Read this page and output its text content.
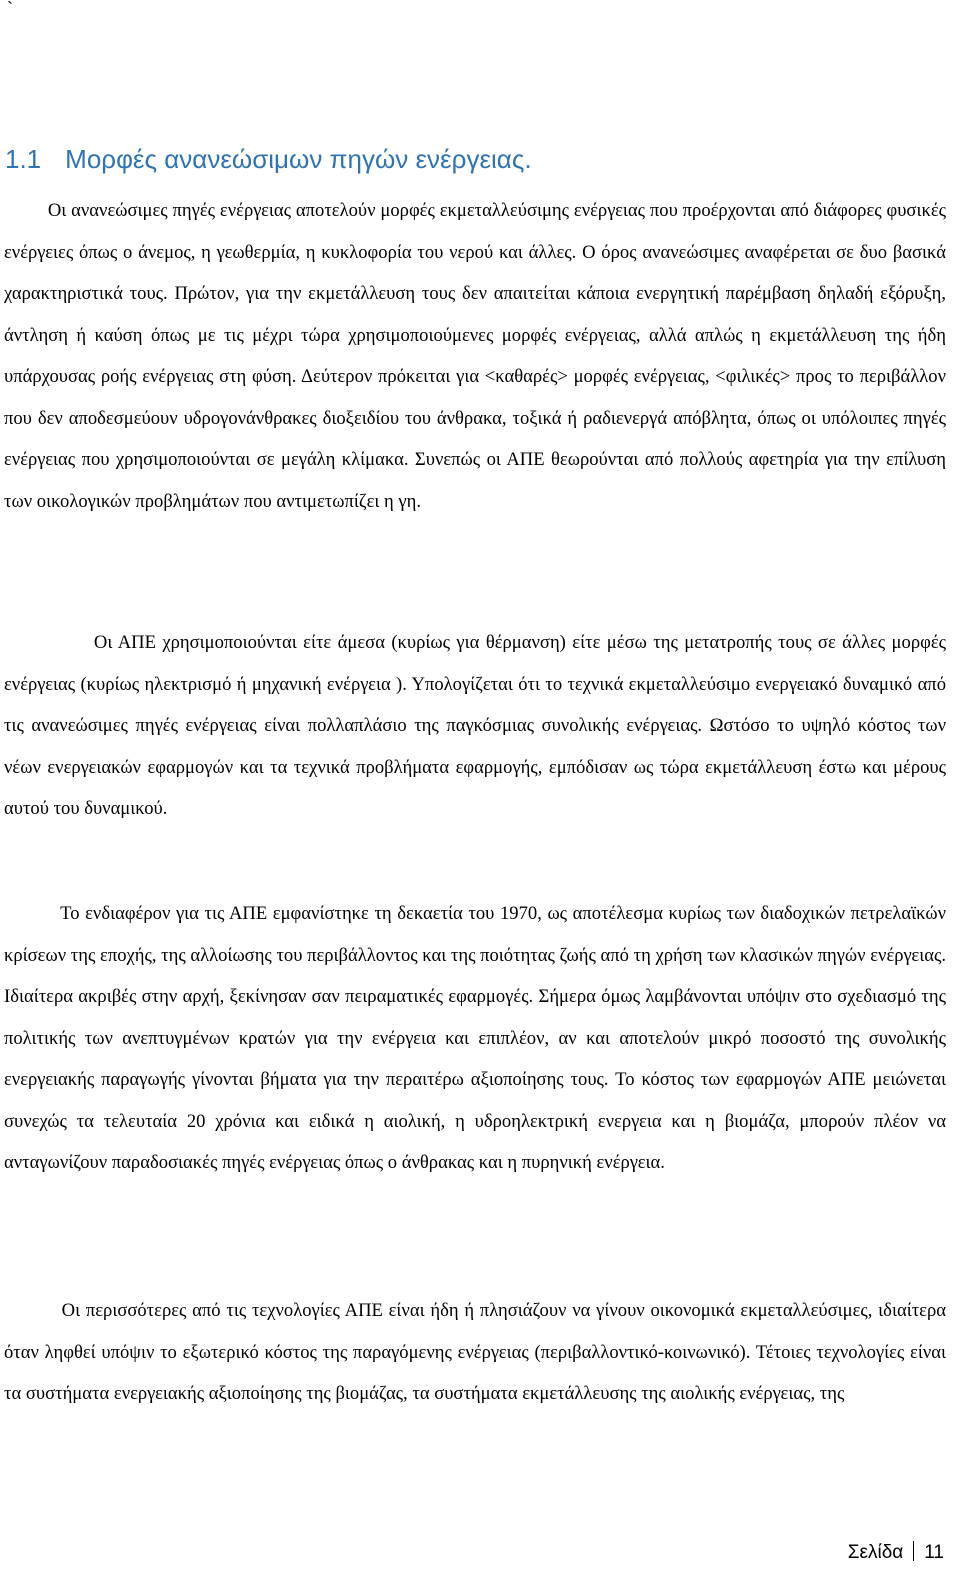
`
1.1 Μορφές ανανεώσιμων πηγών ενέργειας.

Οι ανανεώσιμες πηγές ενέργειας αποτελούν μορφές εκμεταλλεύσιμης ενέργειας που προέρχονται από διάφορες φυσικές ενέργειες όπως ο άνεμος, η γεωθερμία, η κυκλοφορία του νερού και άλλες. Ο όρος ανανεώσιμες αναφέρεται σε δυο βασικά χαρακτηριστικά τους. Πρώτον, για την εκμετάλλευση τους δεν απαιτείται κάποια ενεργητική παρέμβαση δηλαδή εξόρυξη, άντληση ή καύση όπως με τις μέχρι τώρα χρησιμοποιούμενες μορφές ενέργειας, αλλά απλώς η εκμετάλλευση της ήδη υπάρχουσας ροής ενέργειας στη φύση. Δεύτερον πρόκειται για <καθαρές> μορφές ενέργειας, <φιλικές> προς το περιβάλλον που δεν αποδεσμεύουν υδρογονάνθρακες διοξειδίου του άνθρακα, τοξικά ή ραδιενεργά απόβλητα, όπως οι υπόλοιπες πηγές ενέργειας που χρησιμοποιούνται σε μεγάλη κλίμακα. Συνεπώς οι ΑΠΕ θεωρούνται από πολλούς αφετηρία για την επίλυση των οικολογικών προβλημάτων που αντιμετωπίζει η γη.

Οι ΑΠΕ χρησιμοποιούνται είτε άμεσα (κυρίως για θέρμανση) είτε μέσω της μετατροπής τους σε άλλες μορφές ενέργειας (κυρίως ηλεκτρισμό ή μηχανική ενέργεια ). Υπολογίζεται ότι το τεχνικά εκμεταλλεύσιμο ενεργειακό δυναμικό από τις ανανεώσιμες πηγές ενέργειας είναι πολλαπλάσιο της παγκόσμιας συνολικής ενέργειας. Ωστόσο το υψηλό κόστος των νέων ενεργειακών εφαρμογών και τα τεχνικά προβλήματα εφαρμογής, εμπόδισαν ως τώρα εκμετάλλευση έστω και μέρους αυτού του δυναμικού.

Το ενδιαφέρον για τις ΑΠΕ εμφανίστηκε τη δεκαετία του 1970, ως αποτέλεσμα κυρίως των διαδοχικών πετρελαϊκών κρίσεων της εποχής, της αλλοίωσης του περιβάλλοντος και της ποιότητας ζωής από τη χρήση των κλασικών πηγών ενέργειας. Ιδιαίτερα ακριβές στην αρχή, ξεκίνησαν σαν πειραματικές εφαρμογές. Σήμερα όμως λαμβάνονται υπόψιν στο σχεδιασμό της πολιτικής των ανεπτυγμένων κρατών για την ενέργεια και επιπλέον, αν και αποτελούν μικρό ποσοστό της συνολικής ενεργειακής παραγωγής γίνονται βήματα για την περαιτέρω αξιοποίησης τους. Το κόστος των εφαρμογών ΑΠΕ μειώνεται συνεχώς τα τελευταία 20 χρόνια και ειδικά η αιολική, η υδροηλεκτρική ενεργεια και η βιομάζα, μπορούν πλέον να ανταγωνίζουν παραδοσιακές πηγές ενέργειας όπως ο άνθρακας και η πυρηνική ενέργεια.

Οι περισσότερες από τις τεχνολογίες ΑΠΕ είναι ήδη ή πλησιάζουν να γίνουν οικονομικά εκμεταλλεύσιμες, ιδιαίτερα όταν ληφθεί υπόψιν το εξωτερικό κόστος της παραγόμενης ενέργειας (περιβαλλοντικό-κοινωνικό). Τέτοιες τεχνολογίες είναι τα συστήματα ενεργειακής αξιοποίησης της βιομάζας, τα συστήματα εκμετάλλευσης της αιολικής ενέργειας, της

Σελίδα 11
